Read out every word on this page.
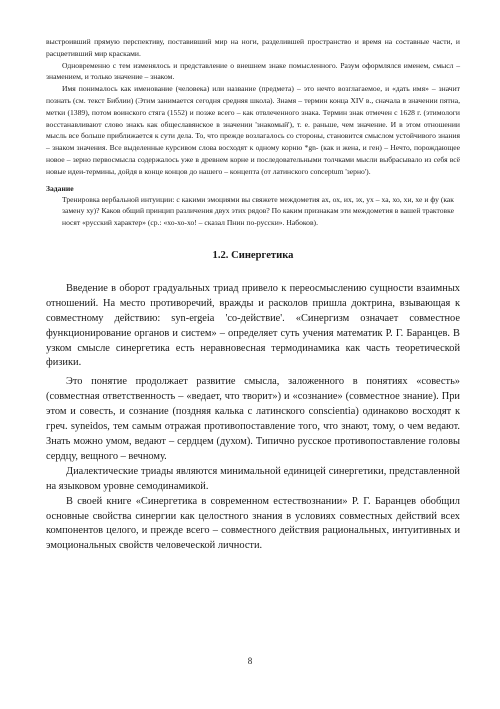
выстроивший прямую перспективу, поставивший мир на ноги, разделившей пространство и время на составные части, и расцветивший мир красками.

Одновременно с тем изменялось и представление о внешнем знаке помысленного. Разум оформлялся именем, смысл – знамением, и только значение – знаком.

Имя понималось как именование (человека) или название (предмета) – это нечто возглагаемое, и «дать имя» – значит познать (см. текст Библии) (Этим занимается сегодня средняя школа). Знамя – термин конца XIV в., сначала в значении пятна, метки (1389), потом воинского стяга (1552) и позже всего – как отвлеченного знака. Термин знак отмечен с 1628 г. (этимологи восстанавливают слово знакъ как общеславянское в значении 'знакомый'), т. е. раньше, чем значение. И в этом отношении мысль все больше приближается к сути дела. То, что прежде возлагалось со стороны, становится смыслом устойчивого знания – знаком значения. Все выделенные курсивом слова восходят к одному корню *gn- (как и жена, и ген) – Нечто, порождающее новое – зерно первосмысла содержалось уже в древнем корне и последовательными толчками мысли выбрасывало из себя всё новые идеи-термины, дойдя в конце концов до нашего – концепта (от латинского conceptum 'зерно').

Задание

Тренировка вербальной интуиции: с какими эмоциями вы свяжете междометия ах, ох, их, эх, ух – ха, хо, хи, хе и фу (как замену ху)? Каков общий принцип различения двух этих рядов? По каким признакам эти междометия в вашей трактовке носят «русский характер» (ср.: «хо-хо-хо! – сказал Пнин по-русски». Набоков).

1.2. Синергетика

Введение в оборот градуальных триад привело к переосмыслению сущности взаимных отношений. На место противоречий, вражды и расколов пришла доктрина, взывающая к совместному действию: syn-ergeia 'со-действие'. «Синергизм означает совместное функционирование органов и систем» – определяет суть учения математик Р. Г. Баранцев. В узком смысле синергетика есть неравновесная термодинамика как часть теоретической физики.

Это понятие продолжает развитие смысла, заложенного в понятиях «совесть» (совместная ответственность – «ведает, что творит») и «сознание» (совместное знание). При этом и совесть, и сознание (поздняя калька с латинского conscientia) одинаково восходят к греч. syneidos, тем самым отражая противопоставление того, что знают, тому, о чем ведают. Знать можно умом, ведают – сердцем (духом). Типично русское противопоставление головы сердцу, вещного – вечному.

Диалектические триады являются минимальной единицей синергетики, представленной на языковом уровне семодинамикой.

В своей книге «Синергетика в современном естествознании» Р. Г. Баранцев обобщил основные свойства синергии как целостного знания в условиях совместных действий всех компонентов целого, и прежде всего – совместного действия рациональных, интуитивных и эмоциональных свойств человеческой личности.

8
